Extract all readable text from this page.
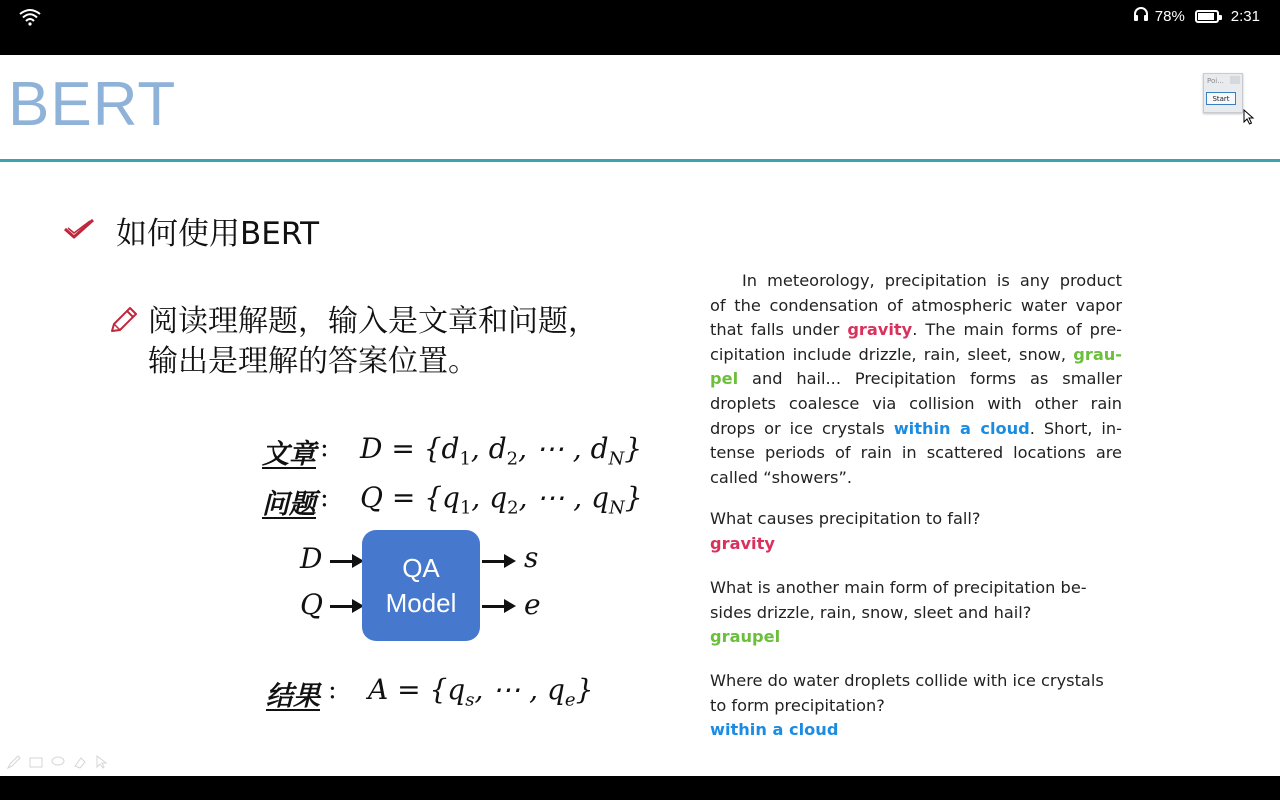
78%	2:31
BERT	Poi...
Start
如何使用BERT
阅读理解题，输入是文章和问题，
输出是理解的答案位置。
文章 : $D = \{d_1$, $d_2$, ⋯ , $d_N$}
问题 : $Q = \{q_1$, $q_2$, ⋯ , $q_N$}
D
Q
QA
Model
s
e
结果 : $A = \{q_s$, ⋯ , $q_e$}
In meteorology, precipitation is any product
of the condensation of atmospheric water vapor
that falls under gravity. The main forms of pre-
cipitation include drizzle, rain, sleet, snow, grau-
pel and hail... Precipitation forms as smaller
droplets coalesce via collision with other rain
drops or ice crystals within a cloud. Short, in-
tense periods of rain in scattered locations are
called “showers”.
What causes precipitation to fall?
gravity
What is another main form of precipitation be-
sides drizzle, rain, snow, sleet and hail?
graupel
Where do water droplets collide with ice crystals
to form precipitation?
within a cloud
